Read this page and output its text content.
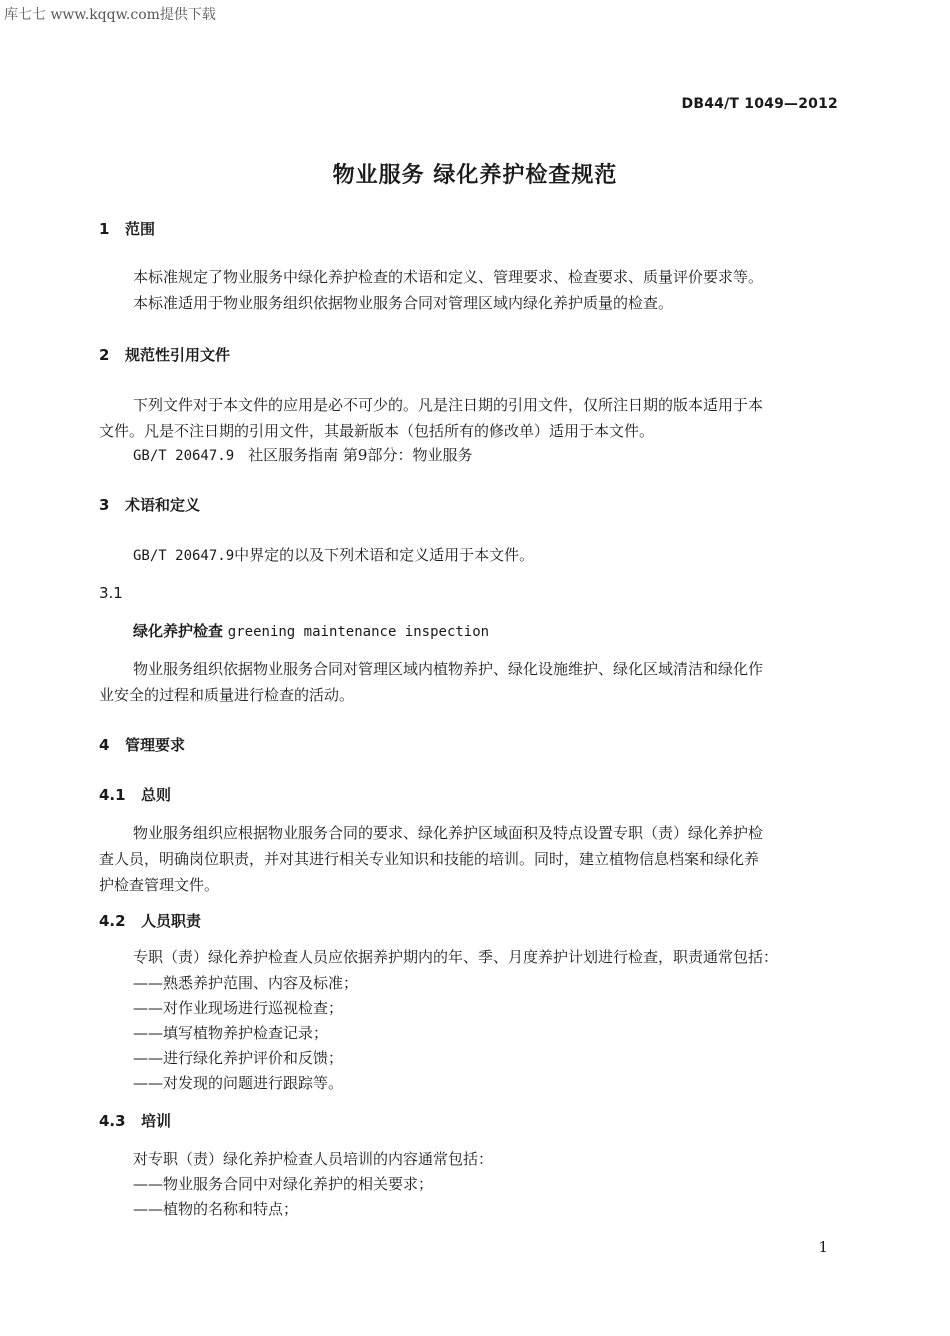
库七七 www.kqqw.com提供下载
DB44/T 1049—2012
物业服务 绿化养护检查规范
1 范围
本标准规定了物业服务中绿化养护检查的术语和定义、管理要求、检查要求、质量评价要求等。
本标准适用于物业服务组织依据物业服务合同对管理区域内绿化养护质量的检查。
2 规范性引用文件
下列文件对于本文件的应用是必不可少的。凡是注日期的引用文件，仅所注日期的版本适用于本
文件。凡是不注日期的引用文件，其最新版本（包括所有的修改单）适用于本文件。
GB/T 20647.9 社区服务指南 第9部分：物业服务
3 术语和定义
GB/T 20647.9中界定的以及下列术语和定义适用于本文件。
3.1
绿化养护检查 greening maintenance inspection
物业服务组织依据物业服务合同对管理区域内植物养护、绿化设施维护、绿化区域清洁和绿化作
业安全的过程和质量进行检查的活动。
4 管理要求
4.1 总则
物业服务组织应根据物业服务合同的要求、绿化养护区域面积及特点设置专职（责）绿化养护检
查人员，明确岗位职责，并对其进行相关专业知识和技能的培训。同时，建立植物信息档案和绿化养
护检查管理文件。
4.2 人员职责
专职（责）绿化养护检查人员应依据养护期内的年、季、月度养护计划进行检查，职责通常包括：
——熟悉养护范围、内容及标准；
——对作业现场进行巡视检查；
——填写植物养护检查记录；
——进行绿化养护评价和反馈；
——对发现的问题进行跟踪等。
4.3 培训
对专职（责）绿化养护检查人员培训的内容通常包括：
——物业服务合同中对绿化养护的相关要求；
——植物的名称和特点；
1
